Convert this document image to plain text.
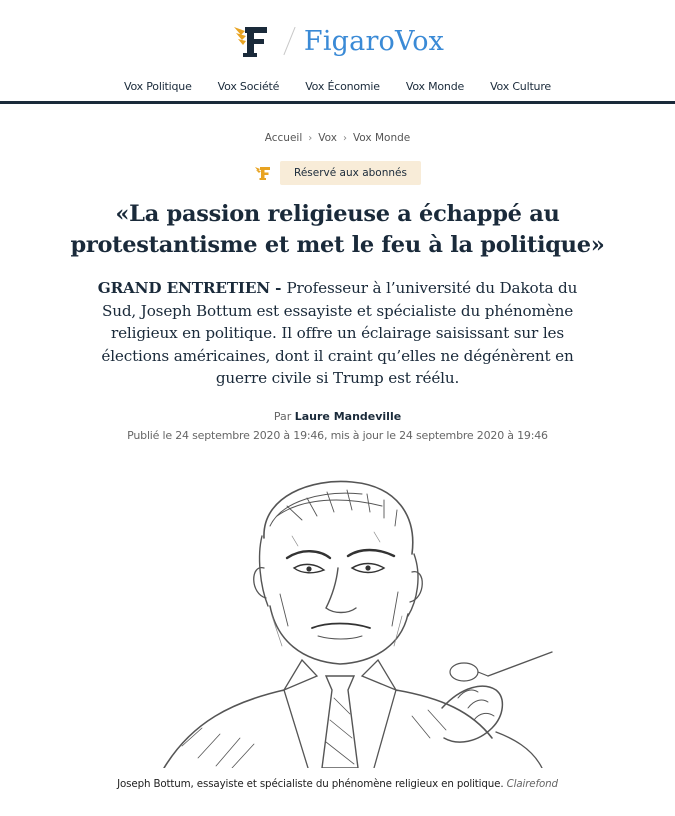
FigaroVox
Vox Politique	Vox Société	Vox Économie	Vox Monde	Vox Culture
Accueil › Vox › Vox Monde
Réservé aux abonnés
«La passion religieuse a échappé au
protestantisme et met le feu à la politique»

GRAND ENTRETIEN - Professeur à l’université du Dakota du Sud, Joseph Bottum est essayiste et spécialiste du phénomène religieux en politique. Il offre un éclairage saisissant sur les élections américaines, dont il craint qu’elles ne dégénèrent en guerre civile si Trump est réélu.

Par Laure Mandeville
Publié le 24 septembre 2020 à 19:46, mis à jour le 24 septembre 2020 à 19:46
Joseph Bottum, essayiste et spécialiste du phénomène religieux en politique. Clairefond
